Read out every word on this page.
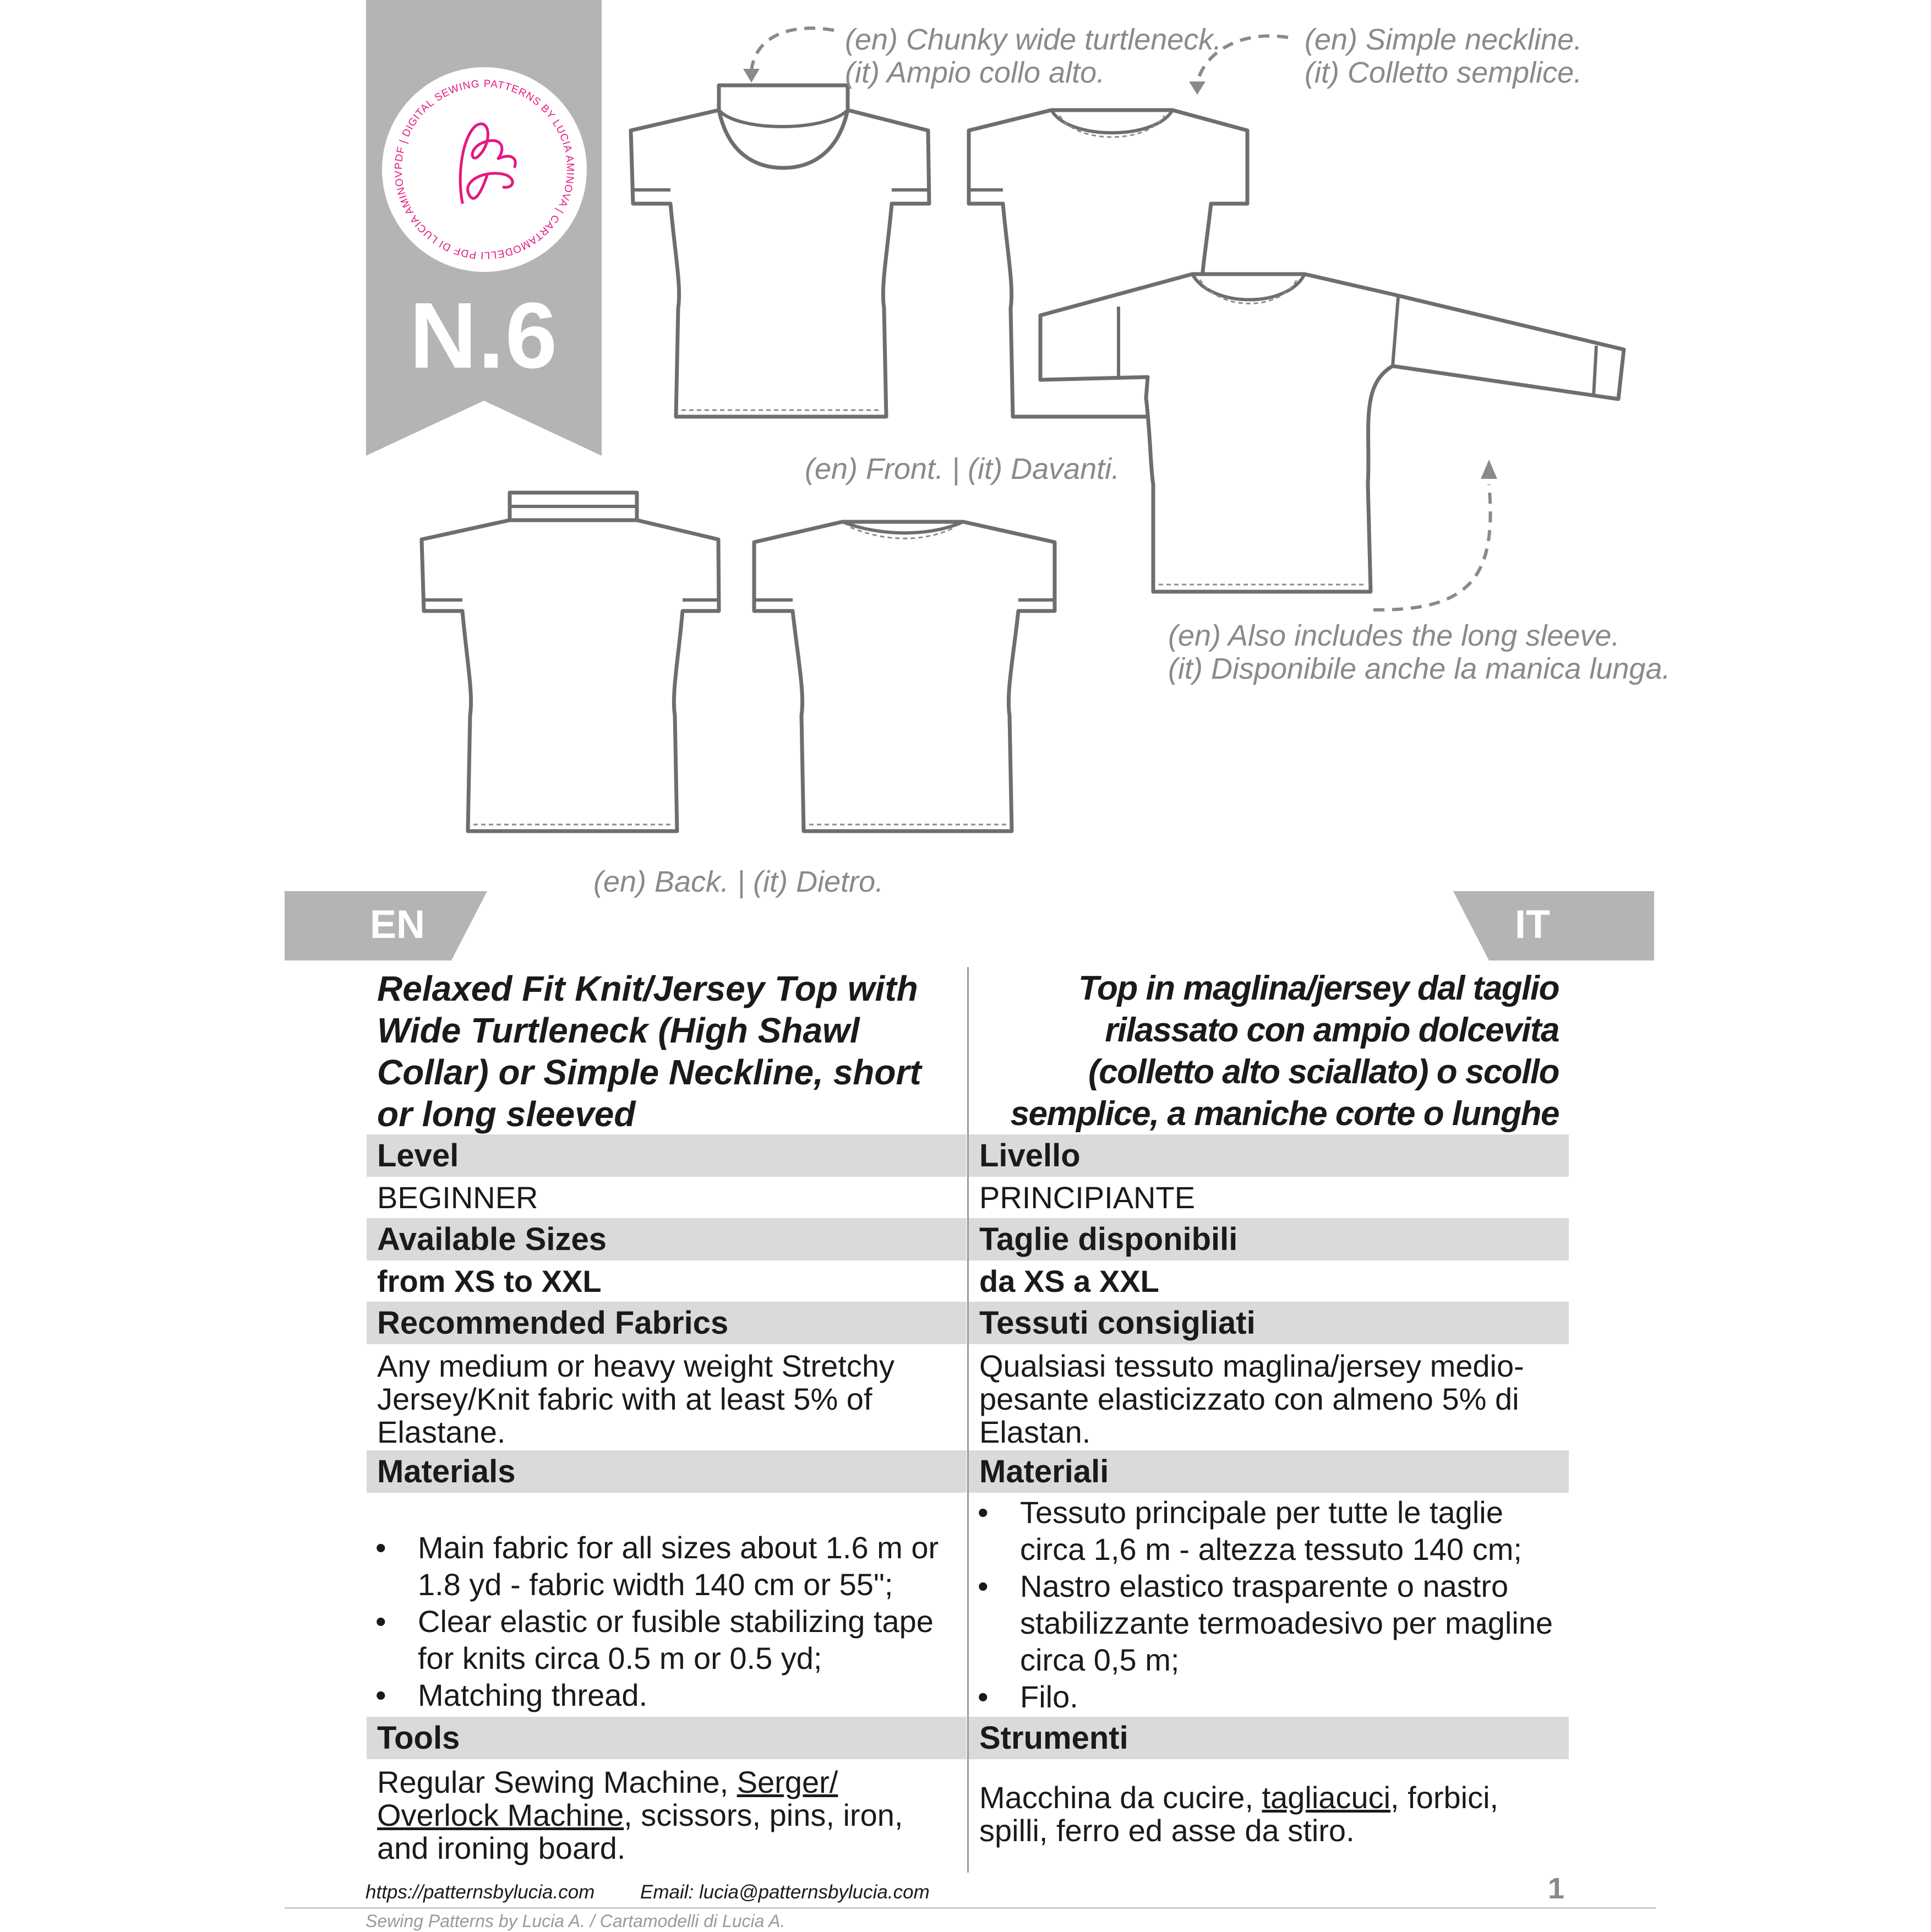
PDF | DIGITAL SEWING PATTERNS BY LUCIA AMINOVA | CARTAMODELLI PDF DI LUCIA AMINOV
N.6
(en) Chunky wide turtleneck.
(it) Ampio collo alto.
(en) Simple neckline.
(it) Colletto semplice.
(en) Front. | (it) Davanti.
(en) Also includes the long sleeve.
(it) Disponibile anche la manica lunga.
(en) Back. | (it) Dietro.
EN	IT
Relaxed Fit Knit/Jersey Top with Wide Turtleneck (High Shawl Collar) or Simple Neckline, short or long sleeved
Level
BEGINNER
Available Sizes
from XS to XXL
Recommended Fabrics
Any medium or heavy weight Stretchy Jersey/Knit fabric with at least 5% of Elastane.
Materials
• Main fabric for all sizes about 1.6 m or 1.8 yd - fabric width 140 cm or 55";
• Clear elastic or fusible stabilizing tape for knits circa 0.5 m or 0.5 yd;
• Matching thread.
Tools
Regular Sewing Machine, Serger/ Overlock Machine, scissors, pins, iron, and ironing board.
Top in maglina/jersey dal taglio
rilassato con ampio dolcevita
(colletto alto sciallato) o scollo
semplice, a maniche corte o lunghe
Livello
PRINCIPIANTE
Taglie disponibili
da XS a XXL
Tessuti consigliati
Qualsiasi tessuto maglina/jersey medio-pesante elasticizzato con almeno 5% di Elastan.
Materiali
• Tessuto principale per tutte le taglie circa 1,6 m - altezza tessuto 140 cm;
• Nastro elastico trasparente o nastro stabilizzante termoadesivo per magline circa 0,5 m;
• Filo.
Strumenti
Macchina da cucire, tagliacuci, forbici, spilli, ferro ed asse da stiro.
https://patternsbylucia.com Email: lucia@patternsbylucia.com
Sewing Patterns by Lucia A. / Cartamodelli di Lucia A.
1
